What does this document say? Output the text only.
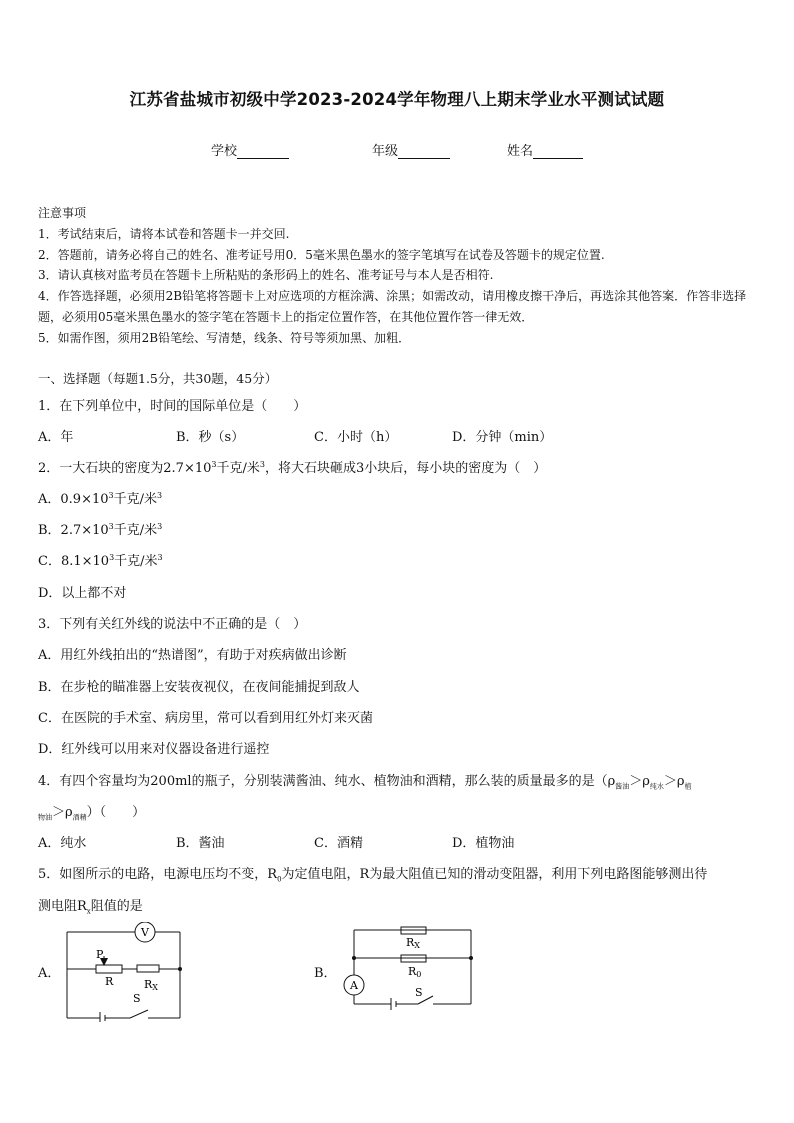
江苏省盐城市初级中学2023-2024学年物理八上期末学业水平测试试题
学校	年级	姓名
注意事项
1．考试结束后，请将本试卷和答题卡一并交回.
2．答题前，请务必将自己的姓名、准考证号用0．5毫米黑色墨水的签字笔填写在试卷及答题卡的规定位置.
3．请认真核对监考员在答题卡上所粘贴的条形码上的姓名、准考证号与本人是否相符.
4．作答选择题，必须用2B铅笔将答题卡上对应选项的方框涂满、涂黑；如需改动，请用橡皮擦干净后，再选涂其他答案．作答非选择题，必须用05毫米黑色墨水的签字笔在答题卡上的指定位置作答，在其他位置作答一律无效．
5．如需作图，须用2B铅笔绘、写清楚，线条、符号等须加黑、加粗．
一、选择题（每题1.5分，共30题，45分）
1．在下列单位中，时间的国际单位是（　　）
A．年	B．秒（s）	C．小时（h）	D．分钟（min）
2．一大石块的密度为$2.7\times 10^3$千克/米$^3$，将大石块砸成3小块后，每小块的密度为（　）
A．$0.9\times 10^3$千克/米$^3$
B．$2.7\times 10^3$千克/米$^3$
C．$8.1\times 10^3$千克/米$^3$
D．以上都不对
3．下列有关红外线的说法中不正确的是（　）
A．用红外线拍出的“热谱图”，有助于对疾病做出诊断
B．在步枪的瞄准器上安装夜视仪，在夜间能捕捉到敌人
C．在医院的手术室、病房里，常可以看到用红外灯来灭菌
D．红外线可以用来对仪器设备进行遥控
4．有四个容量均为200ml的瓶子，分别装满酱油、纯水、植物油和酒精，那么装的质量最多的是（$\rho_{酱油}>\rho_{纯水}>\rho_植$
$_{物油}>\rho_{酒精}$）（　　）
A．纯水	B．酱油	C．酒精	D．植物油
5．如图所示的电路，电源电压均不变，$R_0$为定值电阻，R为最大阻值已知的滑动变阻器，利用下列电路图能够测出待
测电阻$R_x$阻值的是
A．	B．
V
P
R	RX
S
A
RX
R0
S
